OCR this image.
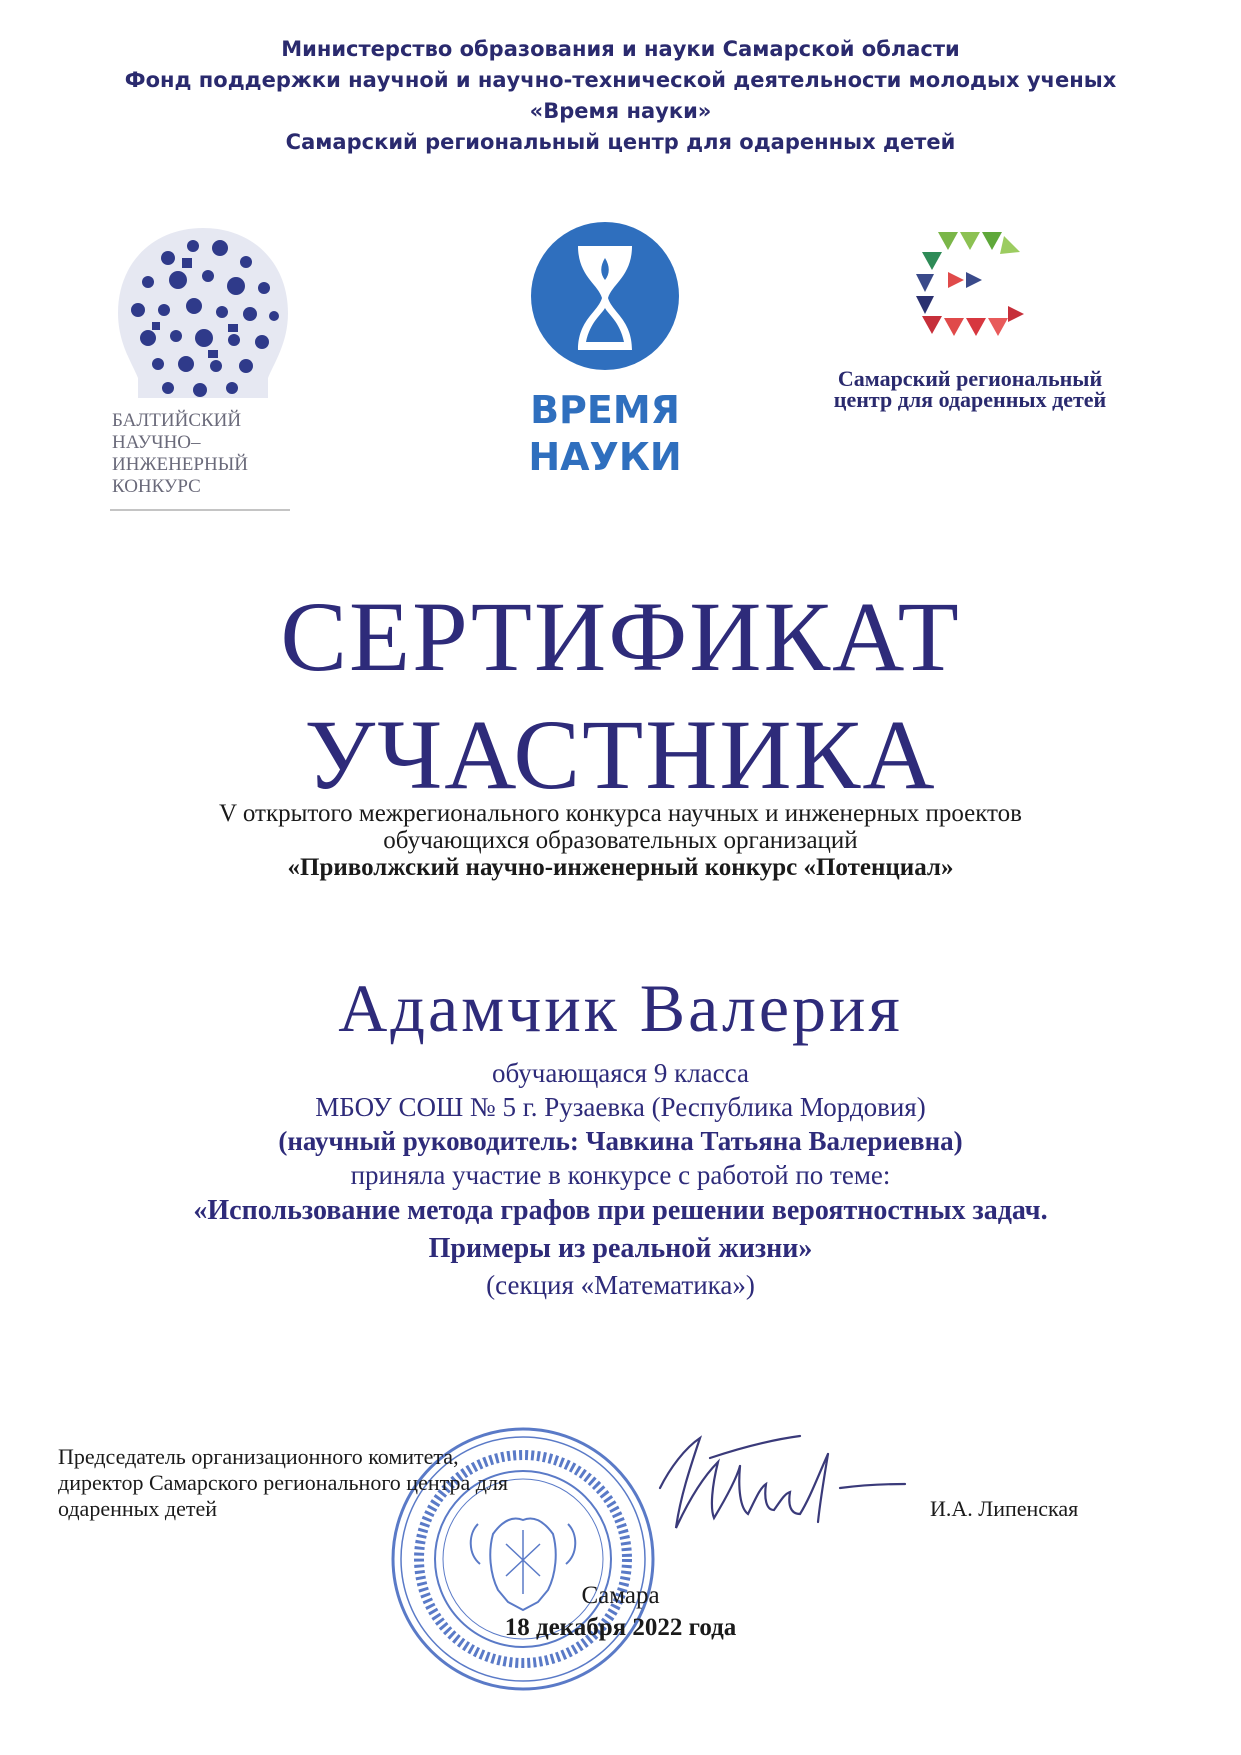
Министерство образования и науки Самарской области
Фонд поддержки научной и научно-технической деятельности молодых ученых
«Время науки»
Самарский региональный центр для одаренных детей
БАЛТИЙСКИЙ
НАУЧНО–
ИНЖЕНЕРНЫЙ
КОНКУРС
ВРЕМЯ
НАУКИ
Самарский региональный
центр для одаренных детей
СЕРТИФИКАТ
УЧАСТНИКА
V открытого межрегионального конкурса научных и инженерных проектов
обучающихся образовательных организаций
«Приволжский научно-инженерный конкурс «Потенциал»
Адамчик Валерия
обучающаяся 9 класса
МБОУ СОШ № 5 г. Рузаевка (Республика Мордовия)
(научный руководитель: Чавкина Татьяна Валериевна)
приняла участие в конкурсе с работой по теме:
«Использование метода графов при решении вероятностных задач.
Примеры из реальной жизни»
(секция «Математика»)
Председатель организационного комитета,
директор Самарского регионального центра для
одаренных детей	И.А. Липенская
Самара
18 декабря 2022 года
